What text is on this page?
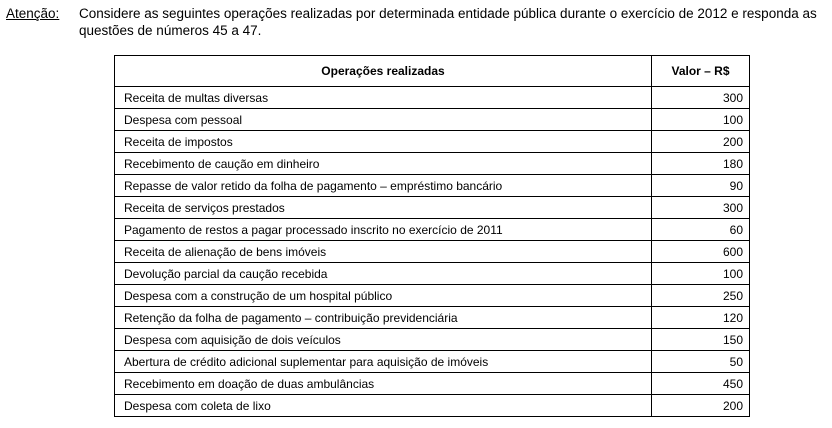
Atenção: Considere as seguintes operações realizadas por determinada entidade pública durante o exercício de 2012 e responda as questões de números 45 a 47.
Operações realizadas	Valor – R$
Receita de multas diversas	300
Despesa com pessoal	100
Receita de impostos	200
Recebimento de caução em dinheiro	180
Repasse de valor retido da folha de pagamento – empréstimo bancário	90
Receita de serviços prestados	300
Pagamento de restos a pagar processado inscrito no exercício de 2011	60
Receita de alienação de bens imóveis	600
Devolução parcial da caução recebida	100
Despesa com a construção de um hospital público	250
Retenção da folha de pagamento – contribuição previdenciária	120
Despesa com aquisição de dois veículos	150
Abertura de crédito adicional suplementar para aquisição de imóveis	50
Recebimento em doação de duas ambulâncias	450
Despesa com coleta de lixo	200
